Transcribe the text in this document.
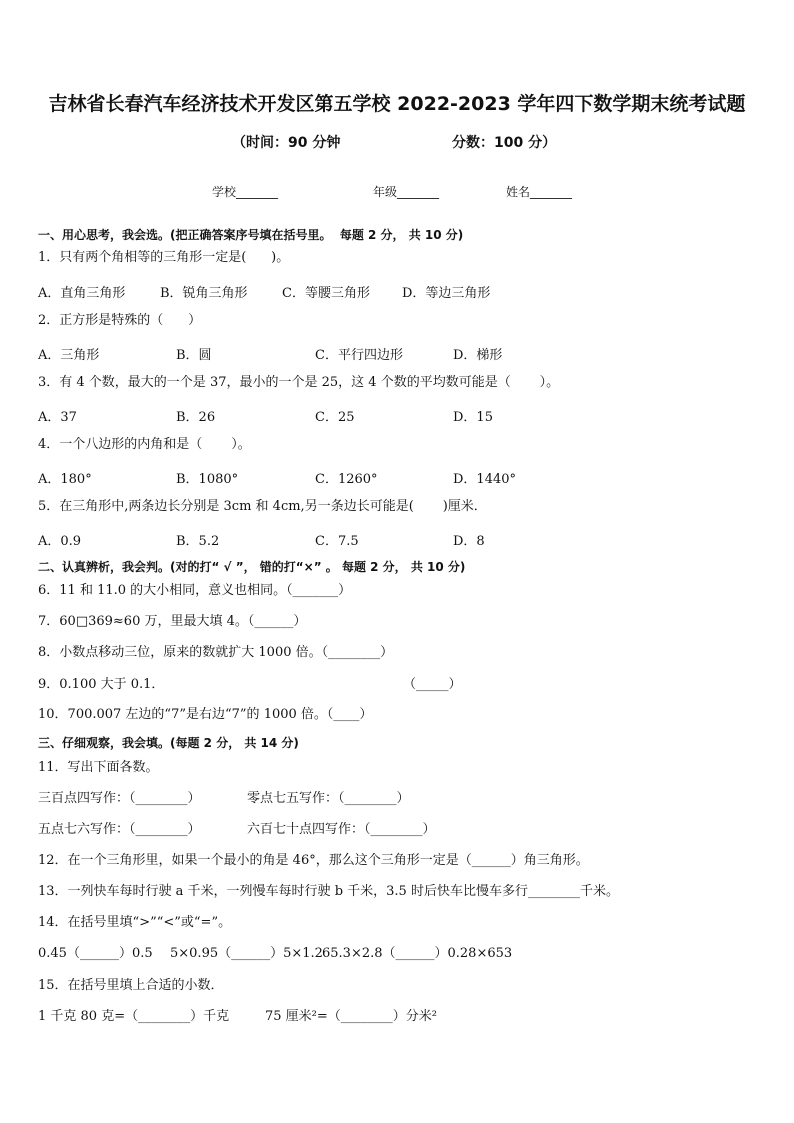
吉林省长春汽车经济技术开发区第五学校 2022-2023 学年四下数学期末统考试题
（时间：90 分钟	分数：100 分）
学校_______	年级_______	姓名_______
一、用心思考，我会选。(把正确答案序号填在括号里。  每题 2 分， 共 10 分)
1．只有两个角相等的三角形一定是(      )。
A．直角三角形	B．锐角三角形	C．等腰三角形 D．等边三角形
2．正方形是特殊的（      ）
A．三角形	B．圆	C．平行四边形	D．梯形
3．有 4 个数，最大的一个是 37，最小的一个是 25，这 4 个数的平均数可能是（       ）。
A．37	B．26	C．25	D．15
4．一个八边形的内角和是（       ）。
A．180°	B．1080°	C．1260°	D．1440°
5．在三角形中,两条边长分别是 3cm 和 4cm,另一条边长可能是(       )厘米．
A．0.9	B．5.2	C．7.5	D．8
二、认真辨析，我会判。(对的打“ √ ”， 错的打“×” 。 每题 2 分， 共 10 分)
6．11 和 11.0 的大小相同，意义也相同。（_______）
7．60□369≈60 万，里最大填 4。（______）
8．小数点移动三位，原来的数就扩大 1000 倍。（________）
9．0.100 大于 0.1．	（_____）
10．700.007 左边的“7”是右边“7”的 1000 倍。（____）
三、仔细观察，我会填。(每题 2 分， 共 14 分)
11．写出下面各数。
三百点四写作：（________）	零点七五写作：（________）
五点七六写作：（________）	六百七十点四写作：（________）
12．在一个三角形里，如果一个最小的角是 46°，那么这个三角形一定是（______）角三角形。
13．一列快车每时行驶 a 千米，一列慢车每时行驶 b 千米，3.5 时后快车比慢车多行________千米。
14．在括号里填“>”“<”或“=”。
0.45（______）0.5 5×0.95（______）5×1.2 65.3×2.8（______）0.28×653
15．在括号里填上合适的小数．
1 千克 80 克=（________）千克	75 厘米²=（________）分米²
